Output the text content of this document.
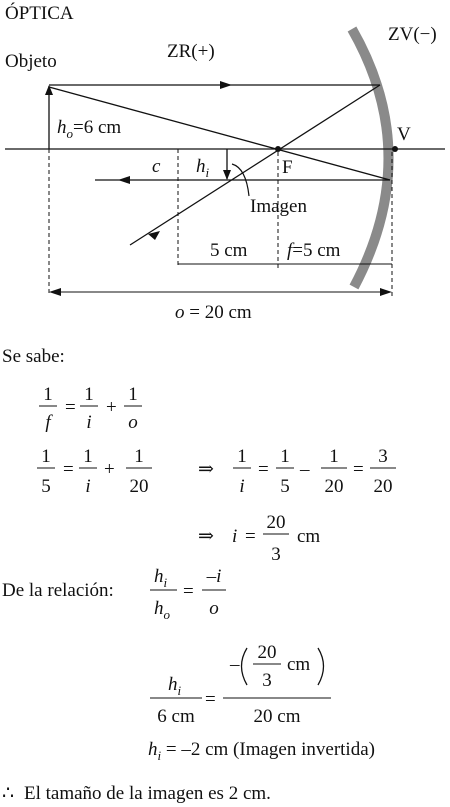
ÓPTICA
ZR(+)
ZV(−)
Objeto
$h_o=6$ cm
$h_i$
Imagen
F
V
c
5 cm f=5 cm
o = 20 cm
Se sabe:
1
f
=
1
i
+
1
o
1
5
=
1
i
+
1
20
⇒
1
i
=
1
5
–
1
20
=
3
20
⇒ i =
20
3
cm
De la relación:
$h_i$
$h_o$
=
–i
o
$h_i$
6 cm
=
–
20
3
cm
20 cm
$h_i = -2$ cm (Imagen invertida)
∴ El tamaño de la imagen es 2 cm.
